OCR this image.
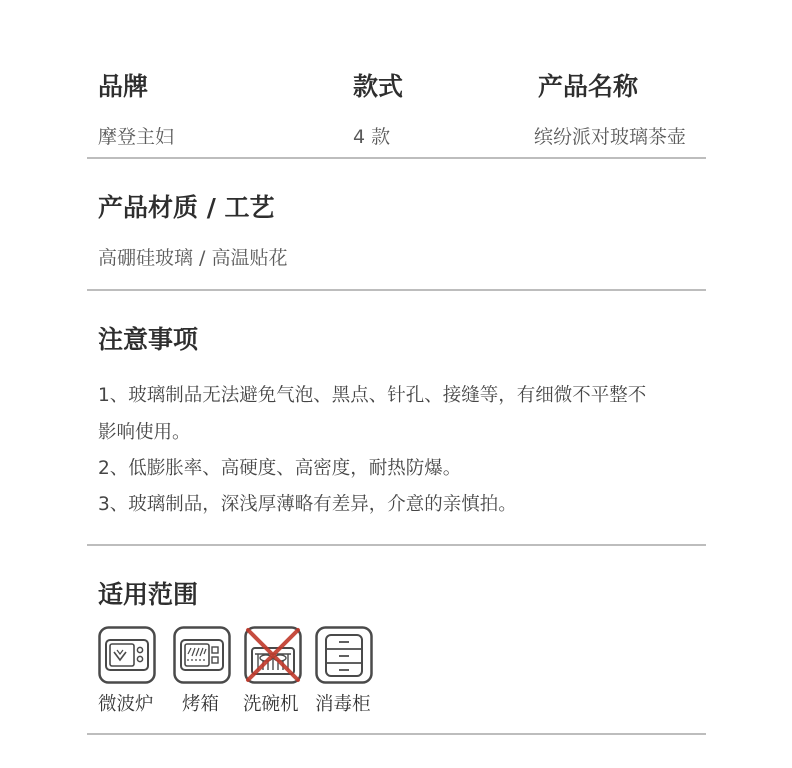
品牌	款式	产品名称
摩登主妇	4 款	缤纷派对玻璃茶壶
产品材质 / 工艺
高硼硅玻璃 / 高温贴花
注意事项
1、玻璃制品无法避免气泡、黑点、针孔、接缝等，有细微不平整不
影响使用。
2、低膨胀率、高硬度、高密度，耐热防爆。
3、玻璃制品，深浅厚薄略有差异，介意的亲慎拍。
适用范围
微波炉 烤箱 洗碗机 消毒柜
